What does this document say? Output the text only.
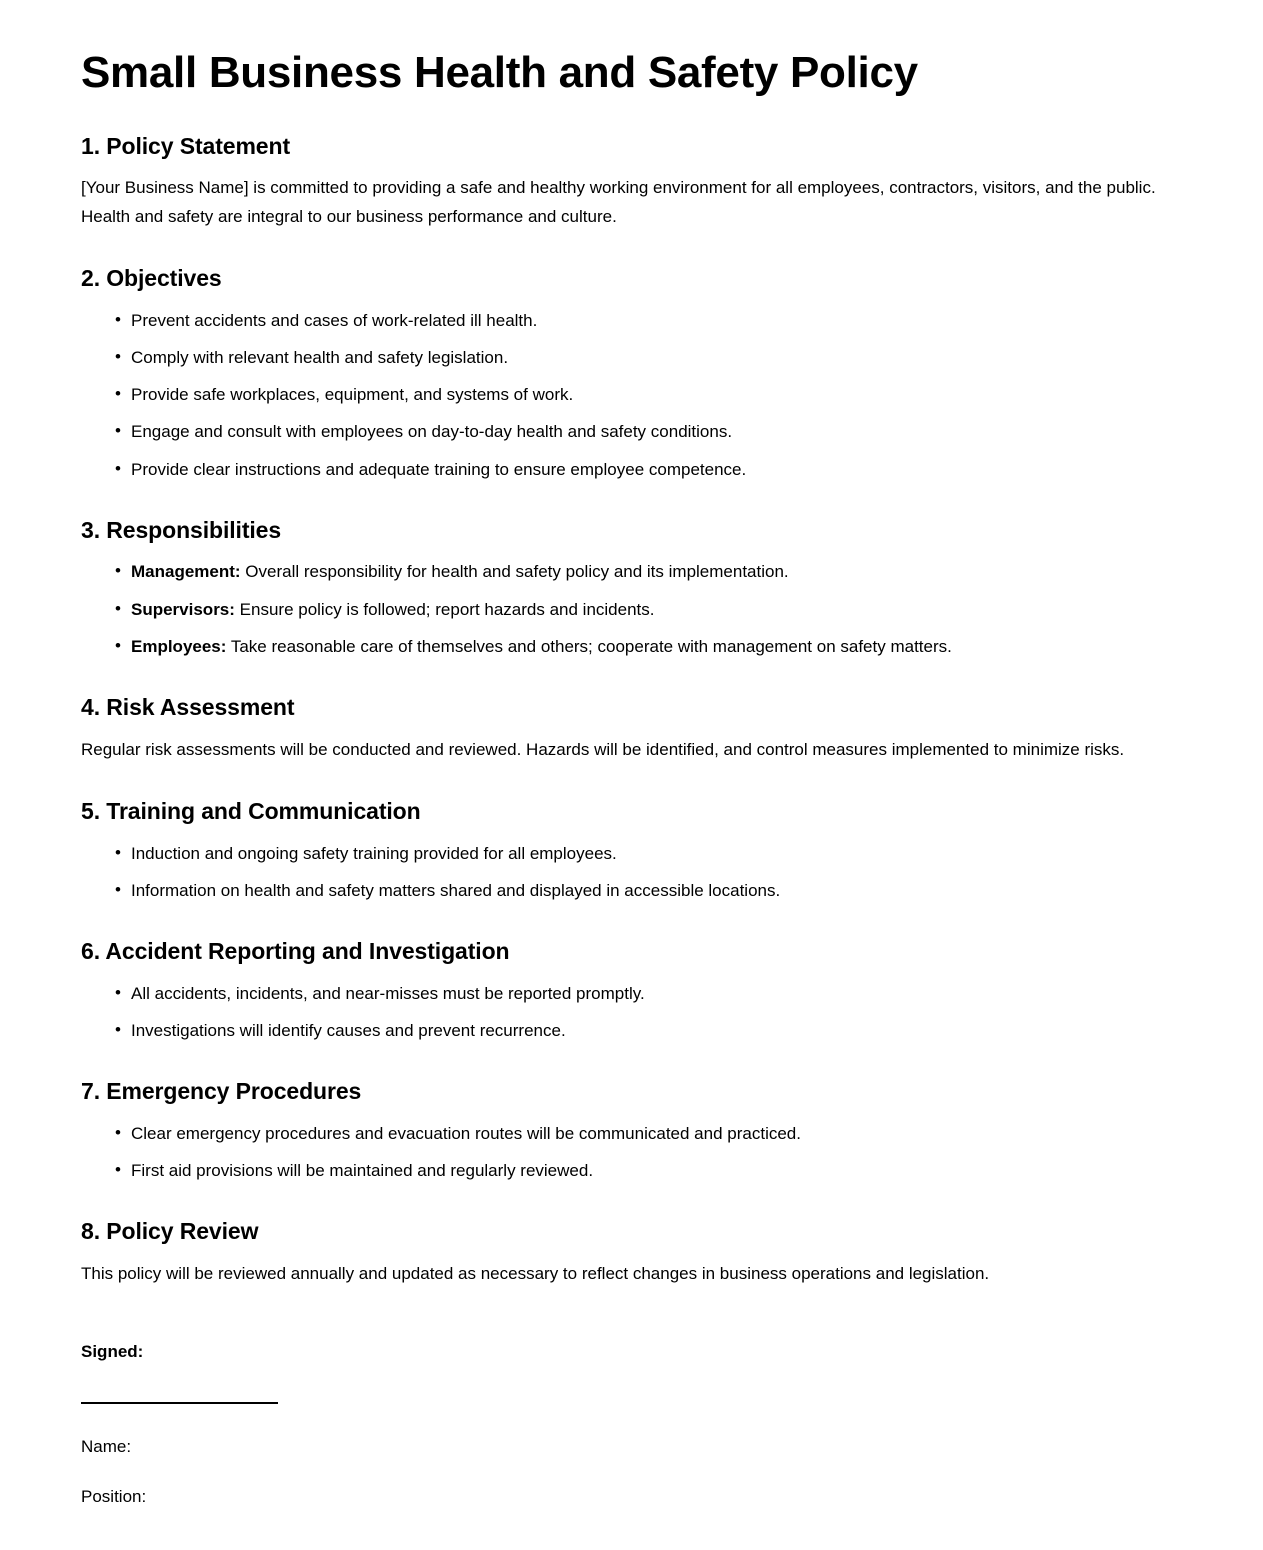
Small Business Health and Safety Policy
1. Policy Statement

[Your Business Name] is committed to providing a safe and healthy working environment for all employees, contractors, visitors, and the public. Health and safety are integral to our business performance and culture.

2. Objectives
• Prevent accidents and cases of work-related ill health.
• Comply with relevant health and safety legislation.
• Provide safe workplaces, equipment, and systems of work.
• Engage and consult with employees on day-to-day health and safety conditions.
• Provide clear instructions and adequate training to ensure employee competence.
3. Responsibilities
• Management: Overall responsibility for health and safety policy and its implementation.
• Supervisors: Ensure policy is followed; report hazards and incidents.
• Employees: Take reasonable care of themselves and others; cooperate with management on safety matters.
4. Risk Assessment

Regular risk assessments will be conducted and reviewed. Hazards will be identified, and control measures implemented to minimize risks.

5. Training and Communication
• Induction and ongoing safety training provided for all employees.
• Information on health and safety matters shared and displayed in accessible locations.
6. Accident Reporting and Investigation
• All accidents, incidents, and near-misses must be reported promptly.
• Investigations will identify causes and prevent recurrence.
7. Emergency Procedures
• Clear emergency procedures and evacuation routes will be communicated and practiced.
• First aid provisions will be maintained and regularly reviewed.
8. Policy Review

This policy will be reviewed annually and updated as necessary to reflect changes in business operations and legislation.

Signed:

Name:

Position:
